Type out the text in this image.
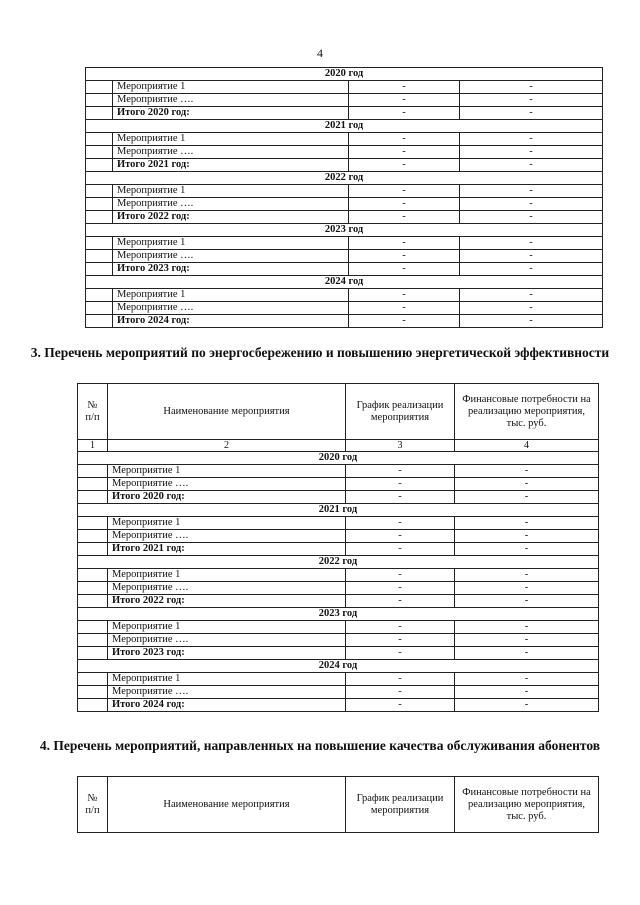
4
2020 год			
	Мероприятие 1	-	-
	Мероприятие ….	-	-
	Итого 2020 год:	-	-
2021 год			
	Мероприятие 1	-	-
	Мероприятие ….	-	-
	Итого 2021 год:	-	-
2022 год			
	Мероприятие 1	-	-
	Мероприятие ….	-	-
	Итого 2022 год:	-	-
2023 год			
	Мероприятие 1	-	-
	Мероприятие ….	-	-
	Итого 2023 год:	-	-
2024 год			
	Мероприятие 1	-	-
	Мероприятие ….	-	-
	Итого 2024 год:	-	-
3. Перечень мероприятий по энергосбережению и повышению энергетической эффективности
№ п/п	Наименование мероприятия	График реализации мероприятия	Финансовые потребности на реализацию мероприятия, тыс. руб.
1	2	3	4
2020 год			
	Мероприятие 1	-	-
	Мероприятие ….	-	-
	Итого 2020 год:	-	-
2021 год			
	Мероприятие 1	-	-
	Мероприятие ….	-	-
	Итого 2021 год:	-	-
2022 год			
	Мероприятие 1	-	-
	Мероприятие ….	-	-
	Итого 2022 год:	-	-
2023 год			
	Мероприятие 1	-	-
	Мероприятие ….	-	-
	Итого 2023 год:	-	-
2024 год			
	Мероприятие 1	-	-
	Мероприятие ….	-	-
	Итого 2024 год:	-	-
4. Перечень мероприятий, направленных на повышение качества обслуживания абонентов
№ п/п	Наименование мероприятия	График реализации мероприятия	Финансовые потребности на реализацию мероприятия, тыс. руб.
